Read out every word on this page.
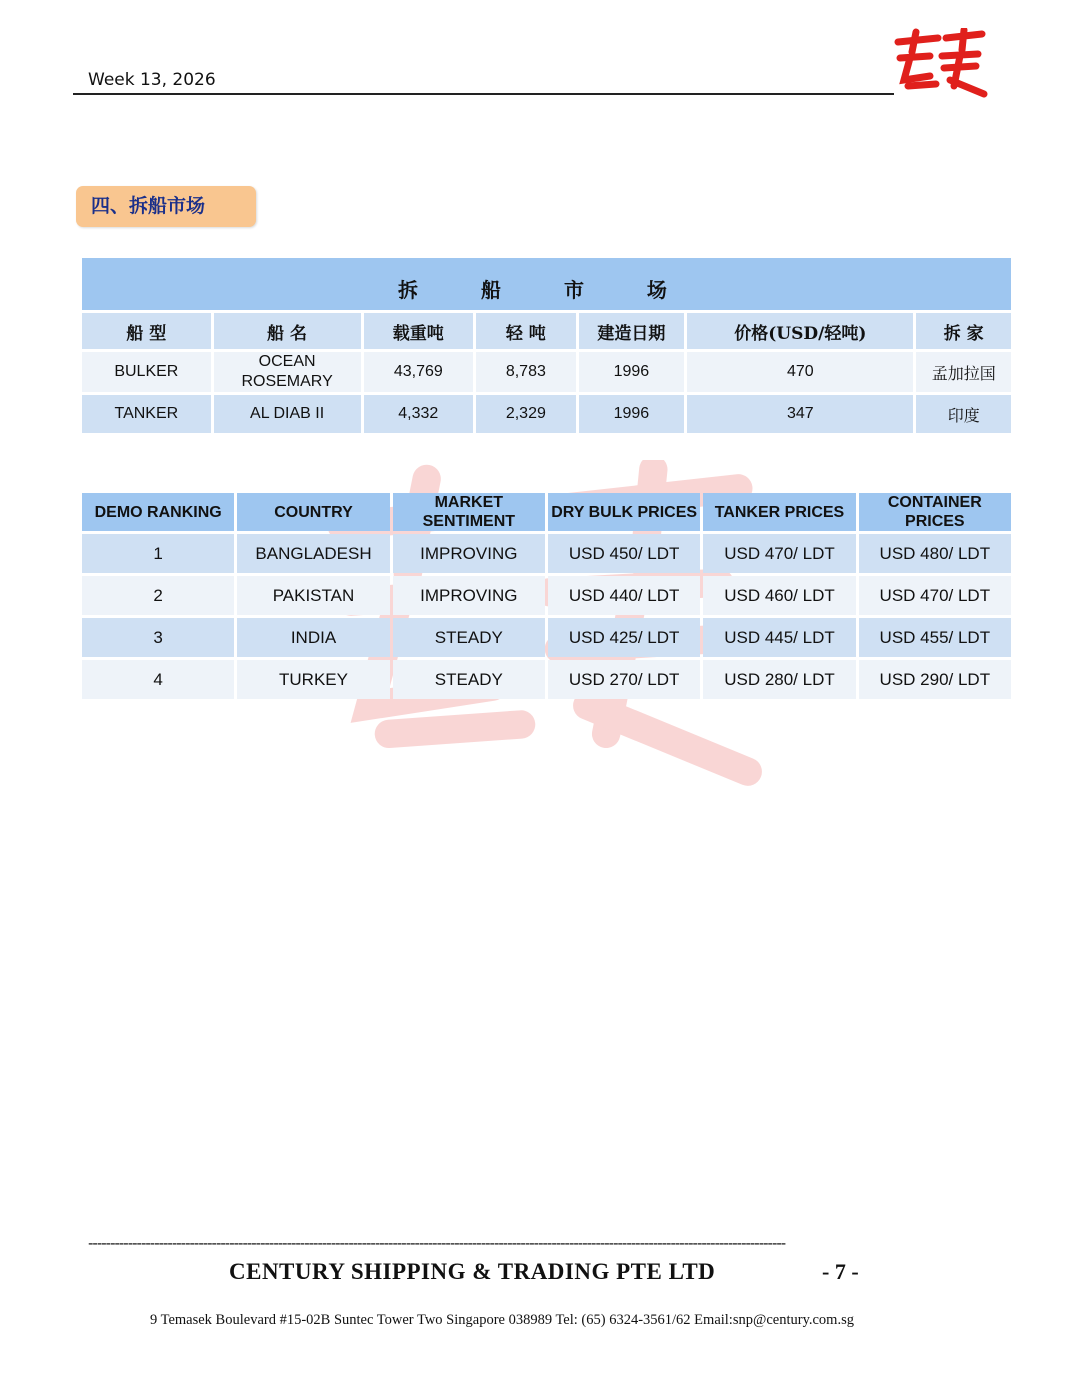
Week 13, 2026
四、拆船市场
拆 船 市 场						
船 型	船 名	载重吨	轻 吨	建造日期	价格(USD/轻吨)	拆 家
BULKER	OCEAN ROSEMARY	43,769	8,783	1996	470	孟加拉国
TANKER	AL DIAB II	4,332	2,329	1996	347	印度
DEMO RANKING	COUNTRY	MARKET SENTIMENT	DRY BULK PRICES	TANKER PRICES	CONTAINER PRICES
1	BANGLADESH	IMPROVING	USD 450/ LDT	USD 470/ LDT	USD 480/ LDT
2	PAKISTAN	IMPROVING	USD 440/ LDT	USD 460/ LDT	USD 470/ LDT
3	INDIA	STEADY	USD 425/ LDT	USD 445/ LDT	USD 455/ LDT
4	TURKEY	STEADY	USD 270/ LDT	USD 280/ LDT	USD 290/ LDT
--------------------------------------------------------------------------------------------------------------------------------------------------------------
CENTURY SHIPPING & TRADING PTE LTD	- 7 -
9 Temasek Boulevard #15-02B Suntec Tower Two Singapore 038989 Tel: (65) 6324-3561/62 Email:snp@century.com.sg
